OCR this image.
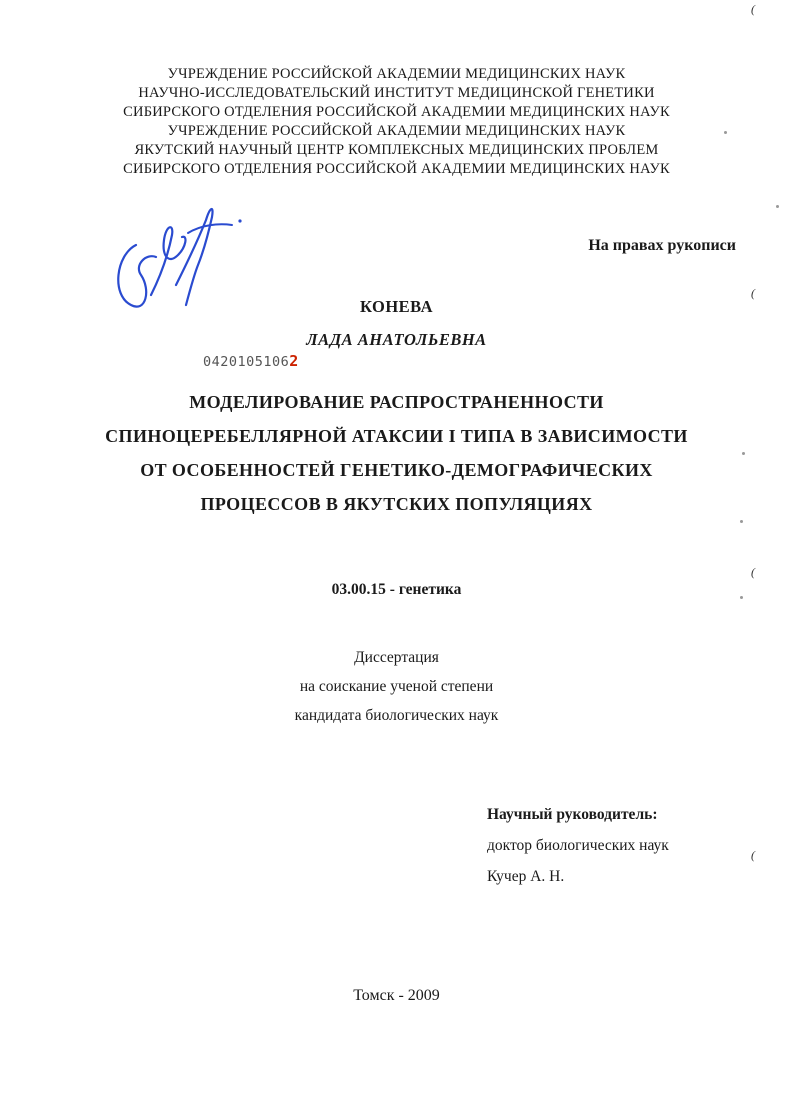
УЧРЕЖДЕНИЕ РОССИЙСКОЙ АКАДЕМИИ МЕДИЦИНСКИХ НАУК
НАУЧНО-ИССЛЕДОВАТЕЛЬСКИЙ ИНСТИТУТ МЕДИЦИНСКОЙ ГЕНЕТИКИ
СИБИРСКОГО ОТДЕЛЕНИЯ РОССИЙСКОЙ АКАДЕМИИ МЕДИЦИНСКИХ НАУК
УЧРЕЖДЕНИЕ РОССИЙСКОЙ АКАДЕМИИ МЕДИЦИНСКИХ НАУК
ЯКУТСКИЙ НАУЧНЫЙ ЦЕНТР КОМПЛЕКСНЫХ МЕДИЦИНСКИХ ПРОБЛЕМ
СИБИРСКОГО ОТДЕЛЕНИЯ РОССИЙСКОЙ АКАДЕМИИ МЕДИЦИНСКИХ НАУК
На правах рукописи
КОНЕВА
ЛАДА АНАТОЛЬЕВНА
04201051062
МОДЕЛИРОВАНИЕ РАСПРОСТРАНЕННОСТИ
СПИНОЦЕРЕБЕЛЛЯРНОЙ АТАКСИИ I ТИПА В ЗАВИСИМОСТИ
ОТ ОСОБЕННОСТЕЙ ГЕНЕТИКО-ДЕМОГРАФИЧЕСКИХ
ПРОЦЕССОВ В ЯКУТСКИХ ПОПУЛЯЦИЯХ
03.00.15 - генетика
Диссертация
на соискание ученой степени
кандидата биологических наук
Научный руководитель:
доктор биологических наук
Кучер А. Н.
Томск - 2009
(
(
(
(
